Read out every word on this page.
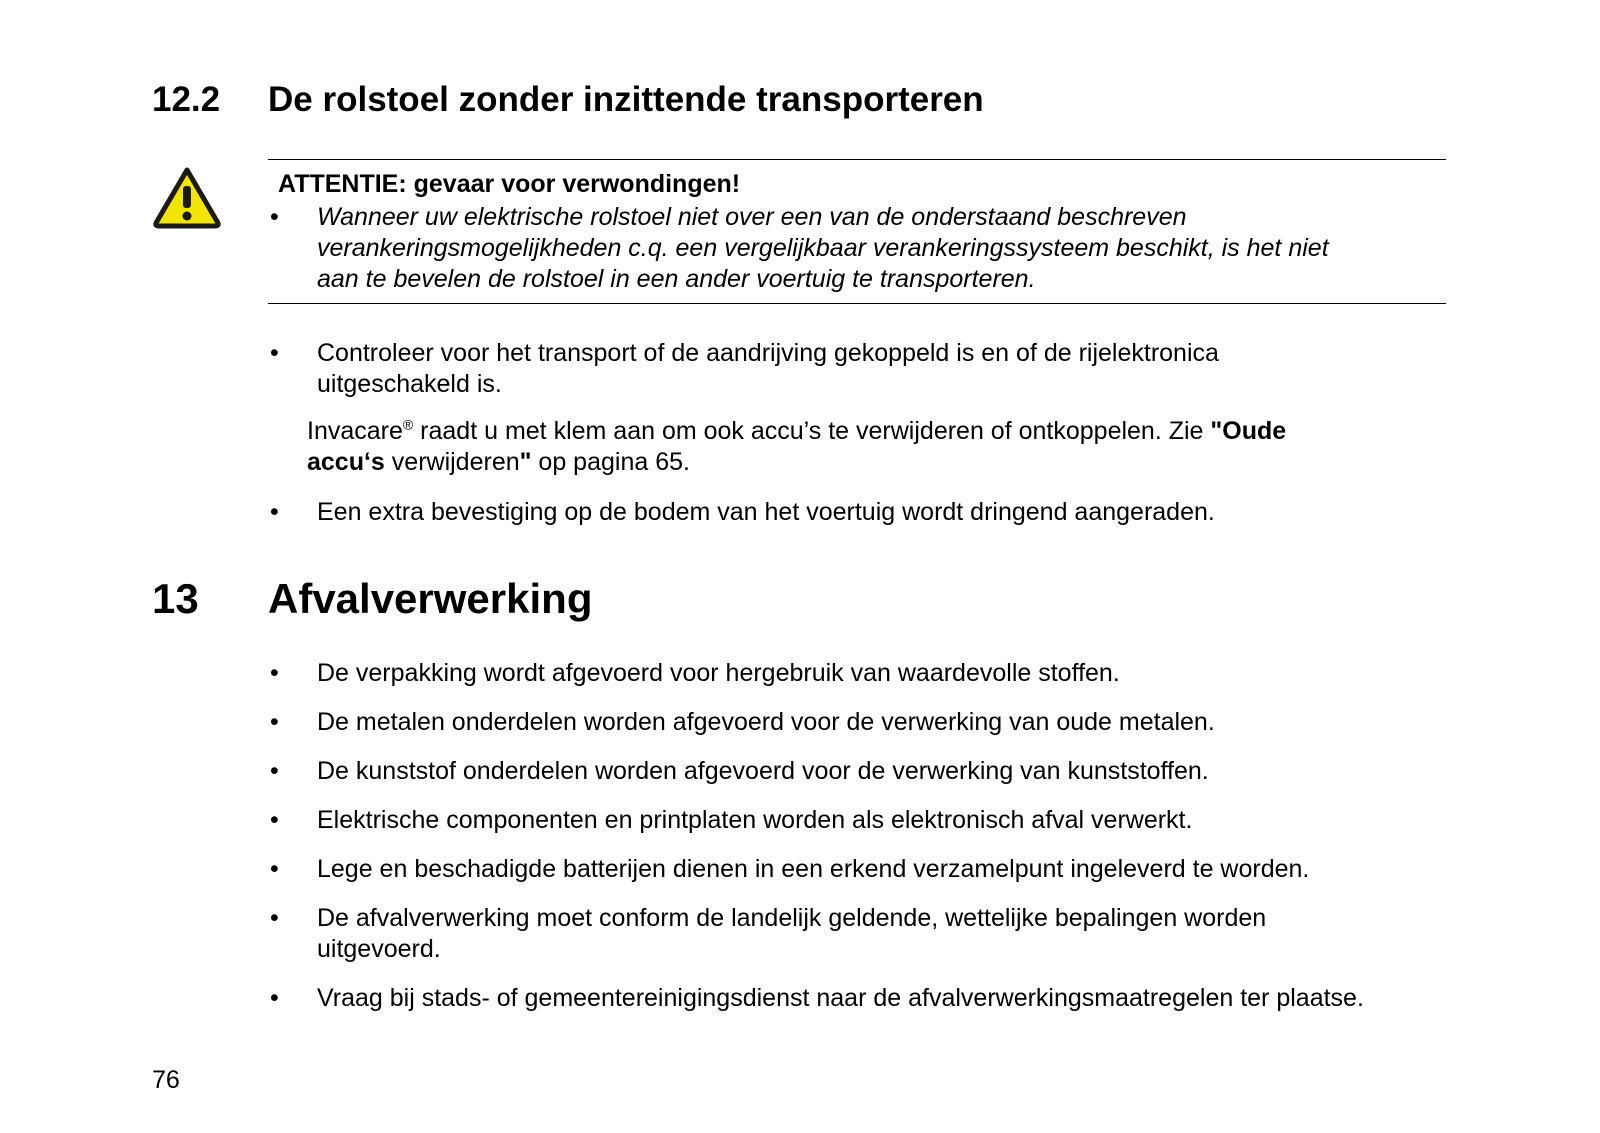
12.2 De rolstoel zonder inzittende transporteren
ATTENTIE: gevaar voor verwondingen!
• Wanneer uw elektrische rolstoel niet over een van de onderstaand beschreven
verankeringsmogelijkheden c.q. een vergelijkbaar verankeringssysteem beschikt, is het niet
aan te bevelen de rolstoel in een ander voertuig te transporteren.
• Controleer voor het transport of de aandrijving gekoppeld is en of de rijelektronica
uitgeschakeld is.
Invacare® raadt u met klem aan om ook accu’s te verwijderen of ontkoppelen. Zie "Oude
accu‘s verwijderen" op pagina 65.
• Een extra bevestiging op de bodem van het voertuig wordt dringend aangeraden.
13 Afvalverwerking
• De verpakking wordt afgevoerd voor hergebruik van waardevolle stoffen.
• De metalen onderdelen worden afgevoerd voor de verwerking van oude metalen.
• De kunststof onderdelen worden afgevoerd voor de verwerking van kunststoffen.
• Elektrische componenten en printplaten worden als elektronisch afval verwerkt.
• Lege en beschadigde batterijen dienen in een erkend verzamelpunt ingeleverd te worden.
• De afvalverwerking moet conform de landelijk geldende, wettelijke bepalingen worden
uitgevoerd.
• Vraag bij stads- of gemeentereinigingsdienst naar de afvalverwerkingsmaatregelen ter plaatse.
76
